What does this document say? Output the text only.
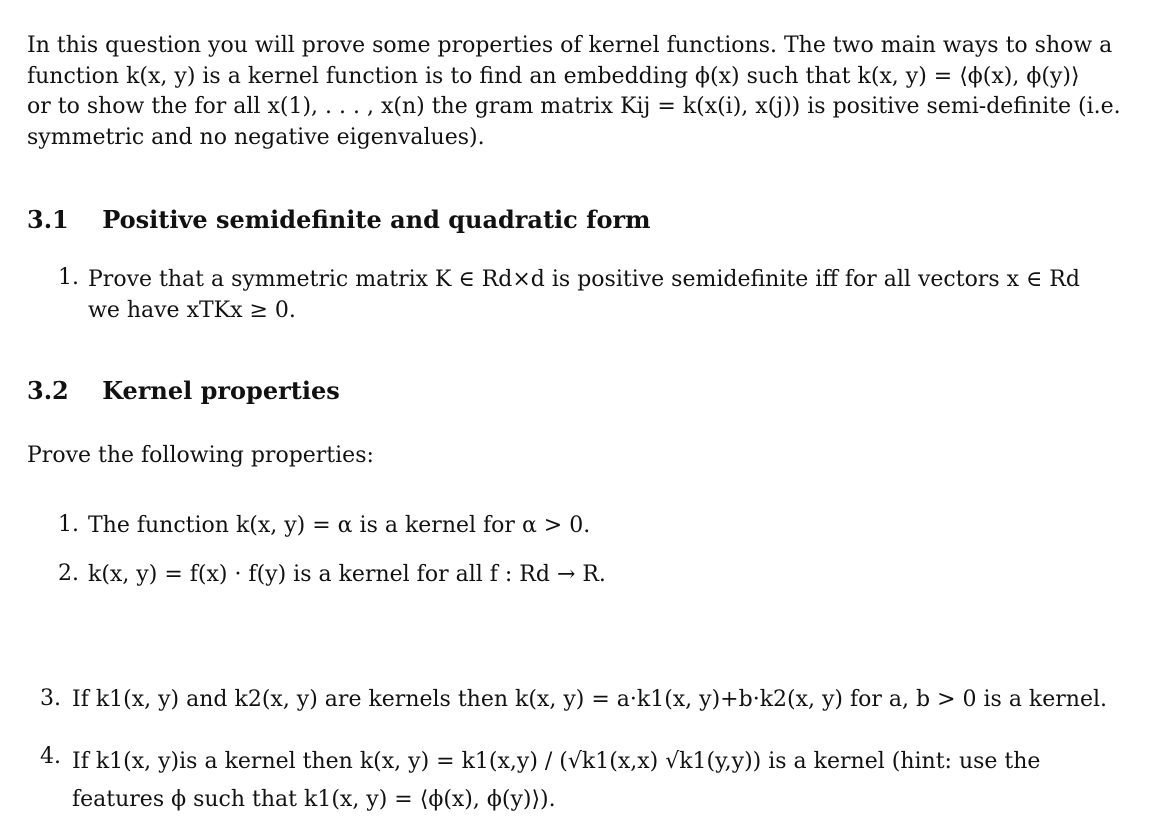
In this question you will prove some properties of kernel functions. The two main ways to show a

function k(x, y) is a kernel function is to find an embedding ϕ(x) such that k(x, y) = ⟨ϕ(x), ϕ(y)⟩

or to show the for all x(1), . . . , x(n) the gram matrix Kij = k(x(i), x(j)) is positive semi-definite (i.e.

symmetric and no negative eigenvalues).

3.1 Positive semidefinite and quadratic form
1. Prove that a symmetric matrix K ∈ Rd×d is positive semidefinite iff for all vectors x ∈ Rd we have xTKx ≥ 0.
3.2 Kernel properties
Prove the following properties:
1. The function k(x, y) = α is a kernel for α > 0.
2. k(x, y) = f(x) · f(y) is a kernel for all f : Rd → R.
3. If k1(x, y) and k2(x, y) are kernels then k(x, y) = a·k1(x, y)+b·k2(x, y) for a, b > 0 is a kernel.
4. If k1(x, y)is a kernel then k(x, y) = k1(x,y) / (√k1(x,x) √k1(y,y)) is a kernel (hint: use the features ϕ such that k1(x, y) = ⟨ϕ(x), ϕ(y)⟩).
